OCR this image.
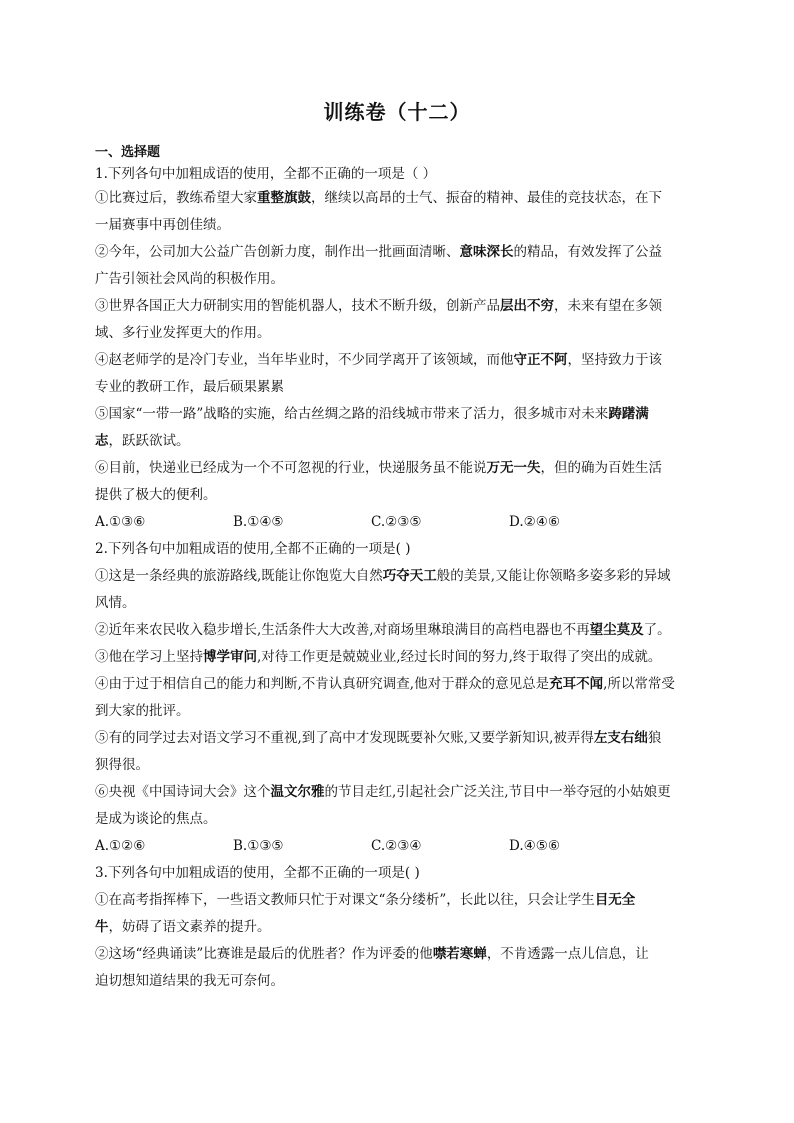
训练卷（十二）
一、选择题
1.下列各句中加粗成语的使用，全都不正确的一项是（ ）
①比赛过后，教练希望大家重整旗鼓，继续以高昂的士气、振奋的精神、最佳的竞技状态，在下
一届赛事中再创佳绩。
②今年，公司加大公益广告创新力度，制作出一批画面清晰、意味深长的精品，有效发挥了公益
广告引领社会风尚的积极作用。
③世界各国正大力研制实用的智能机器人，技术不断升级，创新产品层出不穷，未来有望在多领
域、多行业发挥更大的作用。
④赵老师学的是冷门专业，当年毕业时，不少同学离开了该领域，而他守正不阿，坚持致力于该
专业的教研工作，最后硕果累累
⑤国家“一带一路”战略的实施，给古丝绸之路的沿线城市带来了活力，很多城市对未来踌躇满
志，跃跃欲试。
⑥目前，快递业已经成为一个不可忽视的行业，快递服务虽不能说万无一失，但的确为百姓生活
提供了极大的便利。
A.①③⑥	B.①④⑤	C.②③⑤	D.②④⑥
2.下列各句中加粗成语的使用,全都不正确的一项是( )
①这是一条经典的旅游路线,既能让你饱览大自然巧夺天工般的美景,又能让你领略多姿多彩的异域
风情。
②近年来农民收入稳步增长,生活条件大大改善,对商场里琳琅满目的高档电器也不再望尘莫及了。
③他在学习上坚持博学审问,对待工作更是兢兢业业,经过长时间的努力,终于取得了突出的成就。
④由于过于相信自己的能力和判断,不肯认真研究调查,他对于群众的意见总是充耳不闻,所以常常受
到大家的批评。
⑤有的同学过去对语文学习不重视,到了高中才发现既要补欠账,又要学新知识,被弄得左支右绌狼
狈得很。
⑥央视《中国诗词大会》这个温文尔雅的节目走红,引起社会广泛关注,节目中一举夺冠的小姑娘更
是成为谈论的焦点。
A.①②⑥	B.①③⑤	C.②③④	D.④⑤⑥
3.下列各句中加粗成语的使用，全都不正确的一项是( )
①在高考指挥棒下，一些语文教师只忙于对课文“条分缕析”，长此以往，只会让学生目无全
牛，妨碍了语文素养的提升。
②这场“经典诵读”比赛谁是最后的优胜者？作为评委的他噤若寒蝉，不肯透露一点儿信息，让
迫切想知道结果的我无可奈何。
